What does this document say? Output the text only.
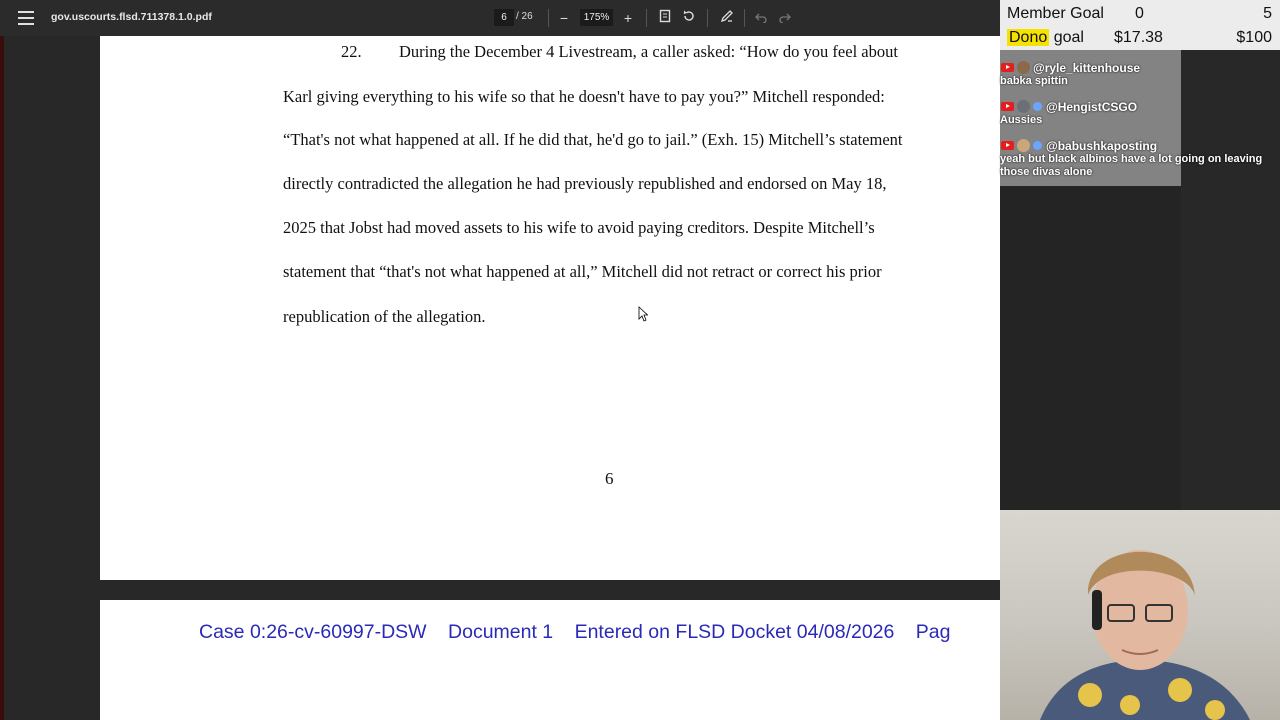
gov.uscourts.flsd.711378.1.0.pdf	6 / 26	−	175%	+
22. During the December 4 Livestream, a caller asked: “How do you feel about
Karl giving everything to his wife so that he doesn't have to pay you?” Mitchell responded:
“That's not what happened at all. If he did that, he'd go to jail.” (Exh. 15) Mitchell’s statement
directly contradicted the allegation he had previously republished and endorsed on May 18,
2025 that Jobst had moved assets to his wife to avoid paying creditors. Despite Mitchell’s
statement that “that's not what happened at all,” Mitchell did not retract or correct his prior
republication of the allegation.
6
Case 0:26-cv-60997-DSW Document 1 Entered on FLSD Docket 04/08/2026 Pag
Member Goal 0	5
Dono goal $17.38	$100
@ryle_kittenhouse
babka spittin
@HengistCSGO
Aussies
@babushkaposting
yeah but black albinos have a lot going on leaving those divas alone
